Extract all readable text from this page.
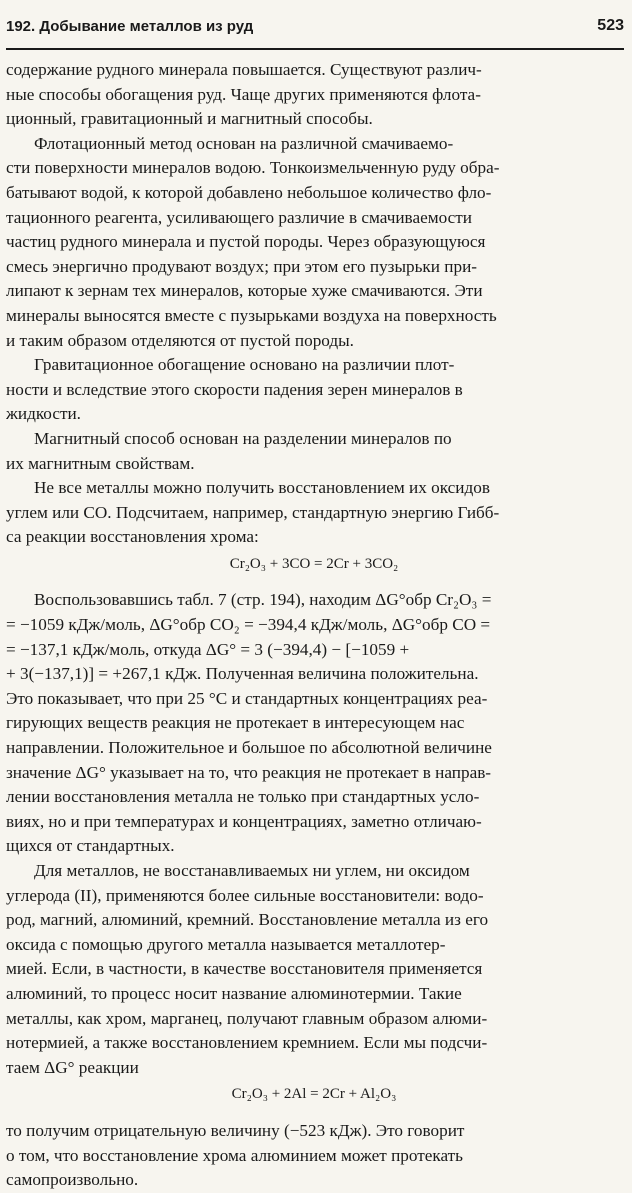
192. Добывание металлов из руд	523
содержание рудного минерала повышается. Существуют различ-
ные способы обогащения руд. Чаще других применяются флота-
ционный, гравитационный и магнитный способы.
Флотационный метод основан на различной смачиваемо-
сти поверхности минералов водою. Тонкоизмельченную руду обра-
батывают водой, к которой добавлено небольшое количество фло-
тационного реагента, усиливающего различие в смачиваемости
частиц рудного минерала и пустой породы. Через образующуюся
смесь энергично продувают воздух; при этом его пузырьки при-
липают к зернам тех минералов, которые хуже смачиваются. Эти
минералы выносятся вместе с пузырьками воздуха на поверхность
и таким образом отделяются от пустой породы.
Гравитационное обогащение основано на различии плот-
ности и вследствие этого скорости падения зерен минералов в
жидкости.
Магнитный способ основан на разделении минералов по
их магнитным свойствам.
Не все металлы можно получить восстановлением их оксидов
углем или CO. Подсчитаем, например, стандартную энергию Гибб-
са реакции восстановления хрома:
Cr₂O₃ + 3CO = 2Cr + 3CO₂
Воспользовавшись табл. 7 (стр. 194), находим ΔG°обр Cr₂O₃ =
= −1059 кДж/моль, ΔG°обр CO₂ = −394,4 кДж/моль, ΔG°обр CO =
= −137,1 кДж/моль, откуда ΔG° = 3 (−394,4) − [−1059 +
+ 3(−137,1)] = +267,1 кДж. Полученная величина положительна.
Это показывает, что при 25 °C и стандартных концентрациях реа-
гирующих веществ реакция не протекает в интересующем нас
направлении. Положительное и большое по абсолютной величине
значение ΔG° указывает на то, что реакция не протекает в направ-
лении восстановления металла не только при стандартных усло-
виях, но и при температурах и концентрациях, заметно отличаю-
щихся от стандартных.
Для металлов, не восстанавливаемых ни углем, ни оксидом
углерода (II), применяются более сильные восстановители: водо-
род, магний, алюминий, кремний. Восстановление металла из его
оксида с помощью другого металла называется металлотер-
мией. Если, в частности, в качестве восстановителя применяется
алюминий, то процесс носит название алюминотермии. Такие
металлы, как хром, марганец, получают главным образом алюми-
нотермией, а также восстановлением кремнием. Если мы подсчи-
таем ΔG° реакции
Cr₂O₃ + 2Al = 2Cr + Al₂O₃
то получим отрицательную величину (−523 кДж). Это говорит
о том, что восстановление хрома алюминием может протекать
самопроизвольно.
